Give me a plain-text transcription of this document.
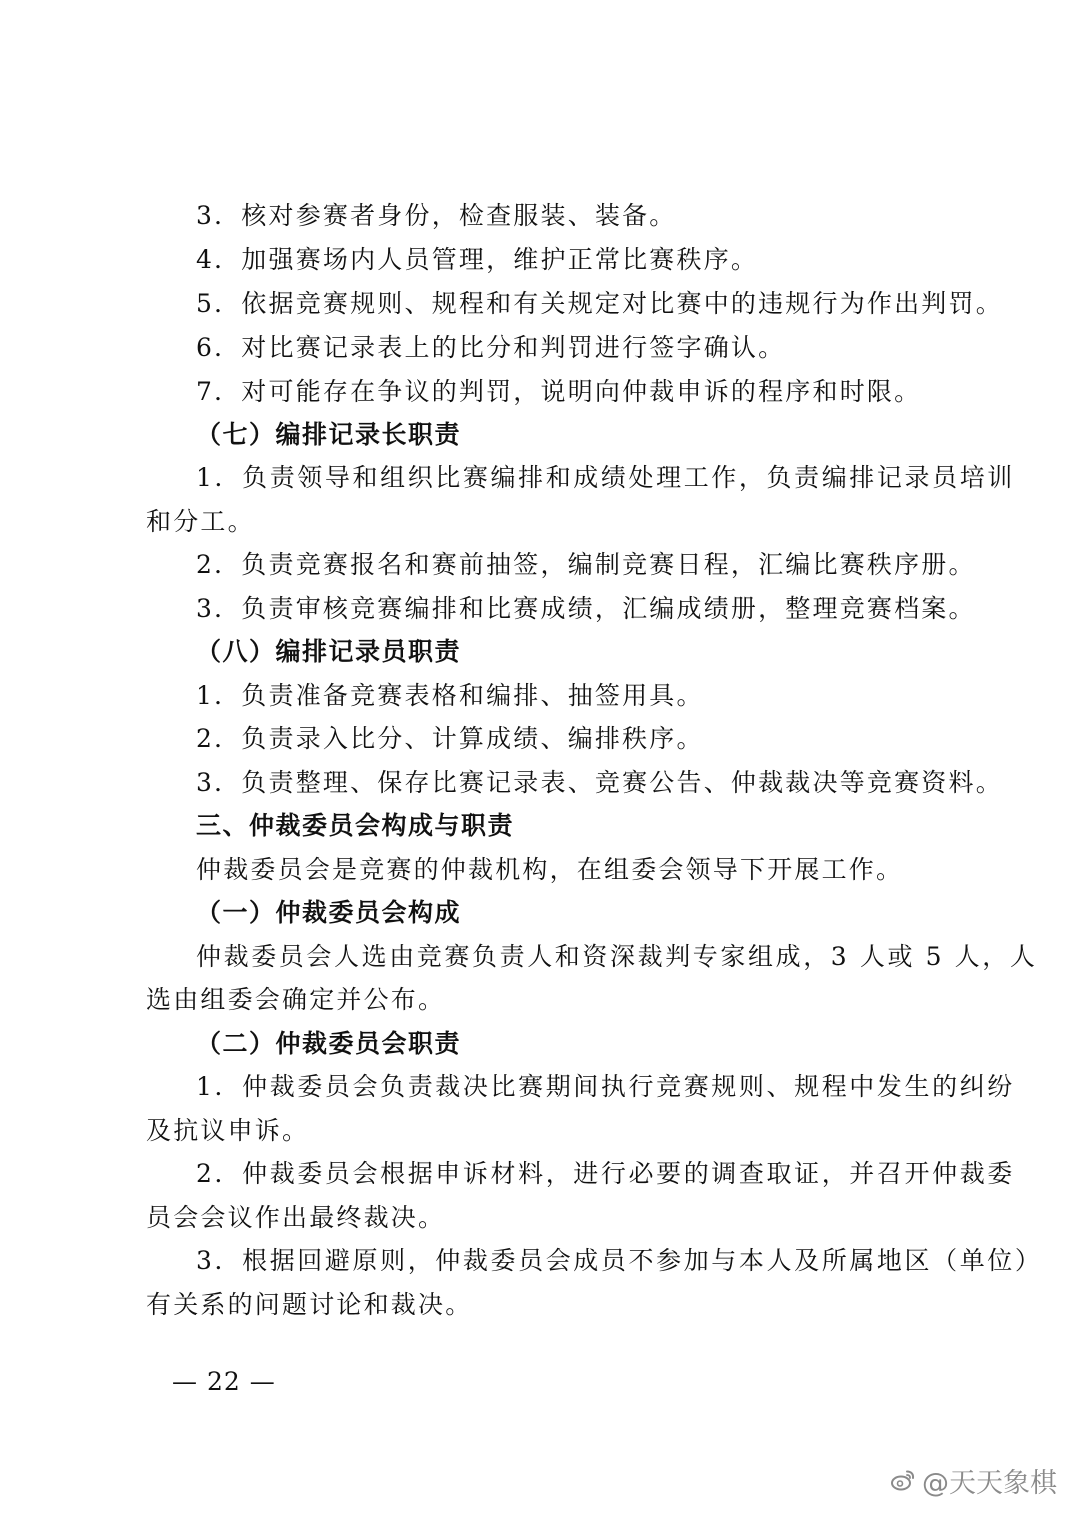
3．核对参赛者身份，检查服装、装备。
4．加强赛场内人员管理，维护正常比赛秩序。
5．依据竞赛规则、规程和有关规定对比赛中的违规行为作出判罚。
6．对比赛记录表上的比分和判罚进行签字确认。
7．对可能存在争议的判罚，说明向仲裁申诉的程序和时限。
（七）编排记录长职责
1．负责领导和组织比赛编排和成绩处理工作，负责编排记录员培训
和分工。
2．负责竞赛报名和赛前抽签，编制竞赛日程，汇编比赛秩序册。
3．负责审核竞赛编排和比赛成绩，汇编成绩册，整理竞赛档案。
（八）编排记录员职责
1．负责准备竞赛表格和编排、抽签用具。
2．负责录入比分、计算成绩、编排秩序。
3．负责整理、保存比赛记录表、竞赛公告、仲裁裁决等竞赛资料。
三、仲裁委员会构成与职责
仲裁委员会是竞赛的仲裁机构，在组委会领导下开展工作。
（一）仲裁委员会构成
仲裁委员会人选由竞赛负责人和资深裁判专家组成，3 人或 5 人，人
选由组委会确定并公布。
（二）仲裁委员会职责
1．仲裁委员会负责裁决比赛期间执行竞赛规则、规程中发生的纠纷
及抗议申诉。
2．仲裁委员会根据申诉材料，进行必要的调查取证，并召开仲裁委
员会会议作出最终裁决。
3．根据回避原则，仲裁委员会成员不参加与本人及所属地区（单位）
有关系的问题讨论和裁决。
— 22 —
@天天象棋
